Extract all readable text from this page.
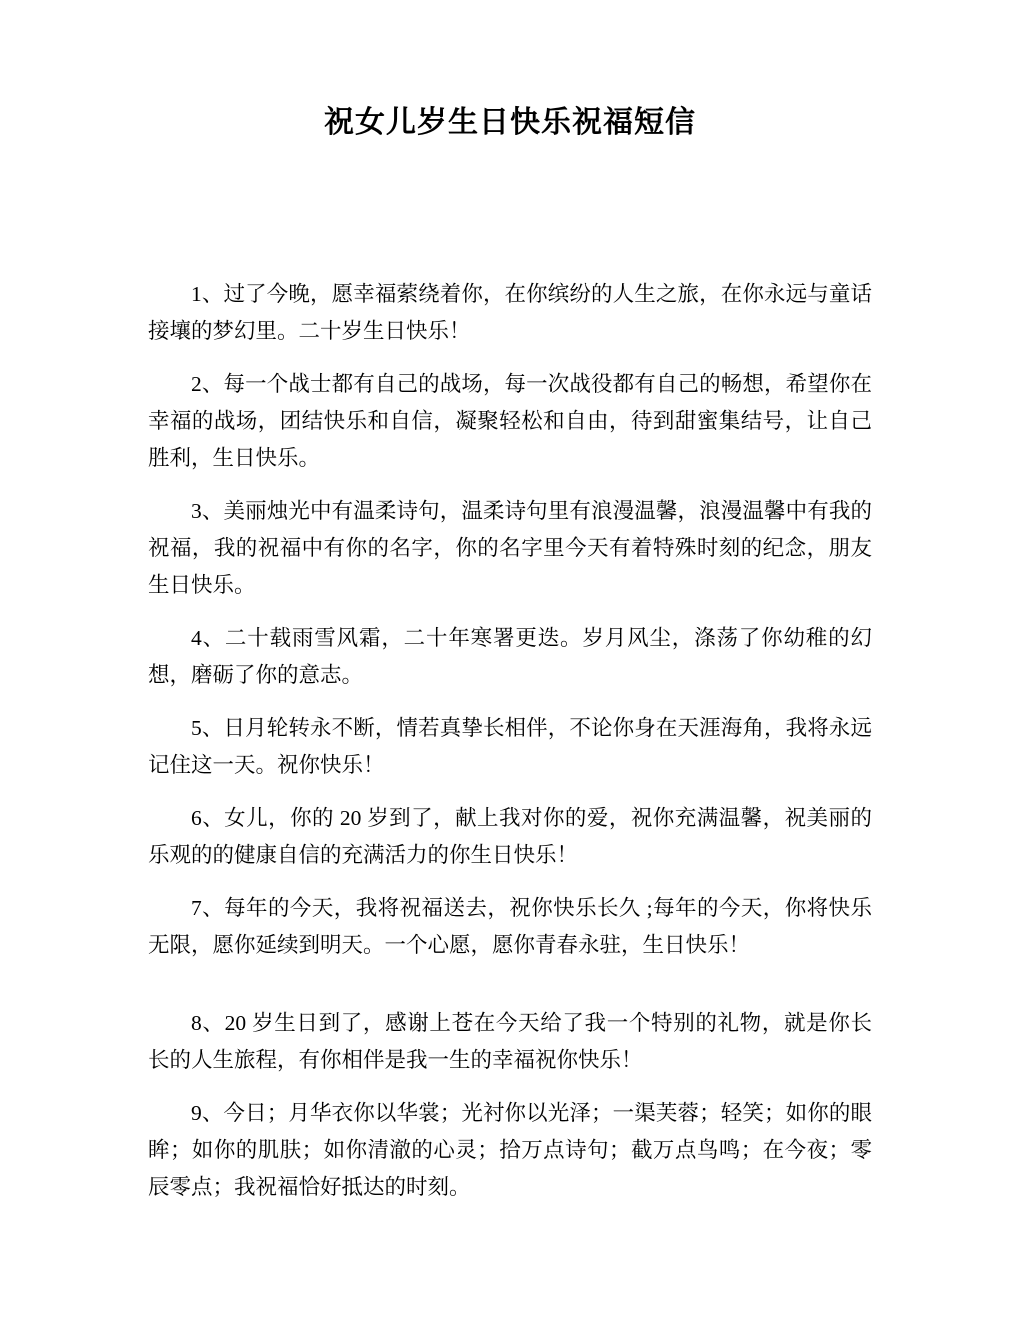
祝女儿岁生日快乐祝福短信

1、过了今晚，愿幸福萦绕着你，在你缤纷的人生之旅，在你永远与童话接壤的梦幻里。二十岁生日快乐！

2、每一个战士都有自己的战场，每一次战役都有自己的畅想，希望你在幸福的战场，团结快乐和自信，凝聚轻松和自由，待到甜蜜集结号，让自己胜利，生日快乐。

3、美丽烛光中有温柔诗句，温柔诗句里有浪漫温馨，浪漫温馨中有我的祝福，我的祝福中有你的名字，你的名字里今天有着特殊时刻的纪念，朋友生日快乐。

4、二十载雨雪风霜，二十年寒署更迭。岁月风尘，涤荡了你幼稚的幻想，磨砺了你的意志。

5、日月轮转永不断，情若真挚长相伴，不论你身在天涯海角，我将永远记住这一天。祝你快乐！

6、女儿，你的 20 岁到了，献上我对你的爱，祝你充满温馨，祝美丽的乐观的的健康自信的充满活力的你生日快乐！

7、每年的今天，我将祝福送去，祝你快乐长久 ;每年的今天，你将快乐无限，愿你延续到明天。一个心愿，愿你青春永驻，生日快乐！

8、20 岁生日到了，感谢上苍在今天给了我一个特别的礼物，就是你长长的人生旅程，有你相伴是我一生的幸福祝你快乐！

9、今日；月华衣你以华裳；光衬你以光泽；一渠芙蓉；轻笑；如你的眼眸；如你的肌肤；如你清澈的心灵；拾万点诗句；截万点鸟鸣；在今夜；零辰零点；我祝福恰好抵达的时刻。
